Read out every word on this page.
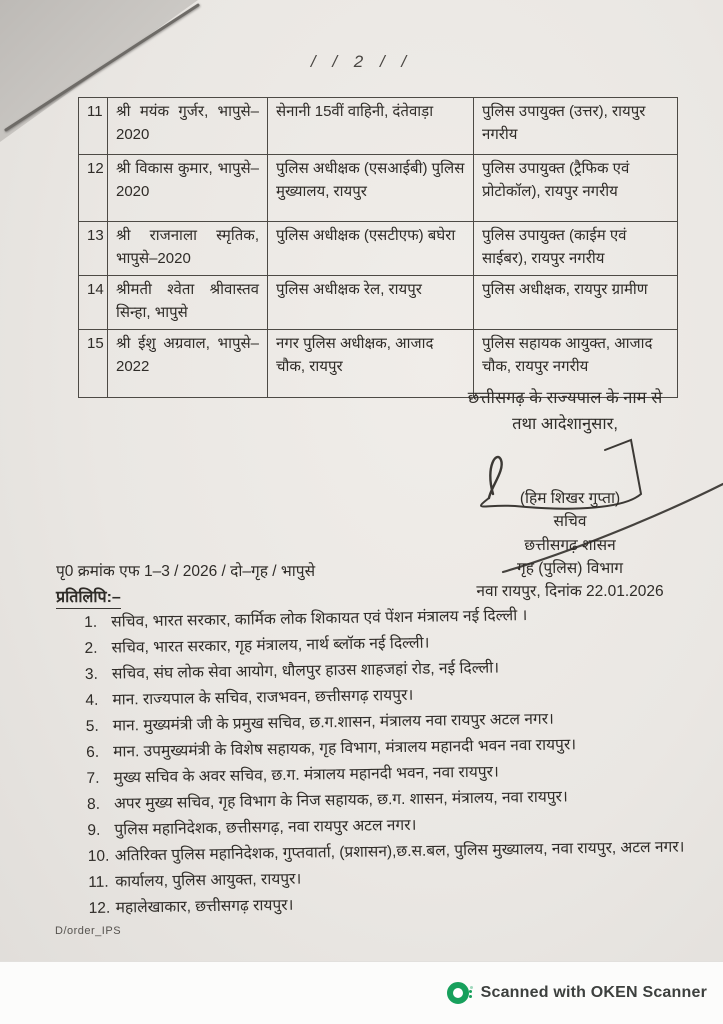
/ / 2 / /
11	श्री मयंक गुर्जर, भापुसे–2020	सेनानी 15वीं वाहिनी, दंतेवाड़ा	पुलिस उपायुक्त (उत्तर), रायपुर नगरीय
12	श्री विकास कुमार, भापुसे–2020	पुलिस अधीक्षक (एसआईबी) पुलिस मुख्यालय, रायपुर	पुलिस उपायुक्त (ट्रैफिक एवं प्रोटोकॉल), रायपुर नगरीय
13	श्री राजनाला स्मृतिक, भापुसे–2020	पुलिस अधीक्षक (एसटीएफ) बघेरा	पुलिस उपायुक्त (काईम एवं साईबर), रायपुर नगरीय
14	श्रीमती श्वेता श्रीवास्तव सिन्हा, भापुसे	पुलिस अधीक्षक रेल, रायपुर	पुलिस अधीक्षक, रायपुर ग्रामीण
15	श्री ईशु अग्रवाल, भापुसे–2022	नगर पुलिस अधीक्षक, आजाद चौक, रायपुर	पुलिस सहायक आयुक्त, आजाद चौक, रायपुर नगरीय
छत्तीसगढ़ के राज्यपाल के नाम से
तथा आदेशानुसार,
(हिम शिखर गुप्ता)
सचिव
छत्तीसगढ़ शासन
गृह (पुलिस) विभाग
नवा रायपुर, दिनांक 22.01.2026
पृ0 क्रमांक एफ 1–3 / 2026 / दो–गृह / भापुसे
प्रतिलिपि:–
1. सचिव, भारत सरकार, कार्मिक लोक शिकायत एवं पेंशन मंत्रालय नई दिल्ली ।
2. सचिव, भारत सरकार, गृह मंत्रालय, नार्थ ब्लॉक नई दिल्ली।
3. सचिव, संघ लोक सेवा आयोग, धौलपुर हाउस शाहजहां रोड, नई दिल्ली।
4. मान. राज्यपाल के सचिव, राजभवन, छत्तीसगढ़ रायपुर।
5. मान. मुख्यमंत्री जी के प्रमुख सचिव, छ.ग.शासन, मंत्रालय नवा रायपुर अटल नगर।
6. मान. उपमुख्यमंत्री के विशेष सहायक, गृह विभाग, मंत्रालय महानदी भवन नवा रायपुर।
7. मुख्य सचिव के अवर सचिव, छ.ग. मंत्रालय महानदी भवन, नवा रायपुर।
8. अपर मुख्य सचिव, गृह विभाग के निज सहायक, छ.ग. शासन, मंत्रालय, नवा रायपुर।
9. पुलिस महानिदेशक, छत्तीसगढ़, नवा रायपुर अटल नगर।
10. अतिरिक्त पुलिस महानिदेशक, गुप्तवार्ता, (प्रशासन),छ.स.बल, पुलिस मुख्यालय, नवा रायपुर, अटल नगर।
11. कार्यालय, पुलिस आयुक्त, रायपुर।
12. महालेखाकार, छत्तीसगढ़ रायपुर।
D/order_IPS
Scanned with OKEN Scanner
